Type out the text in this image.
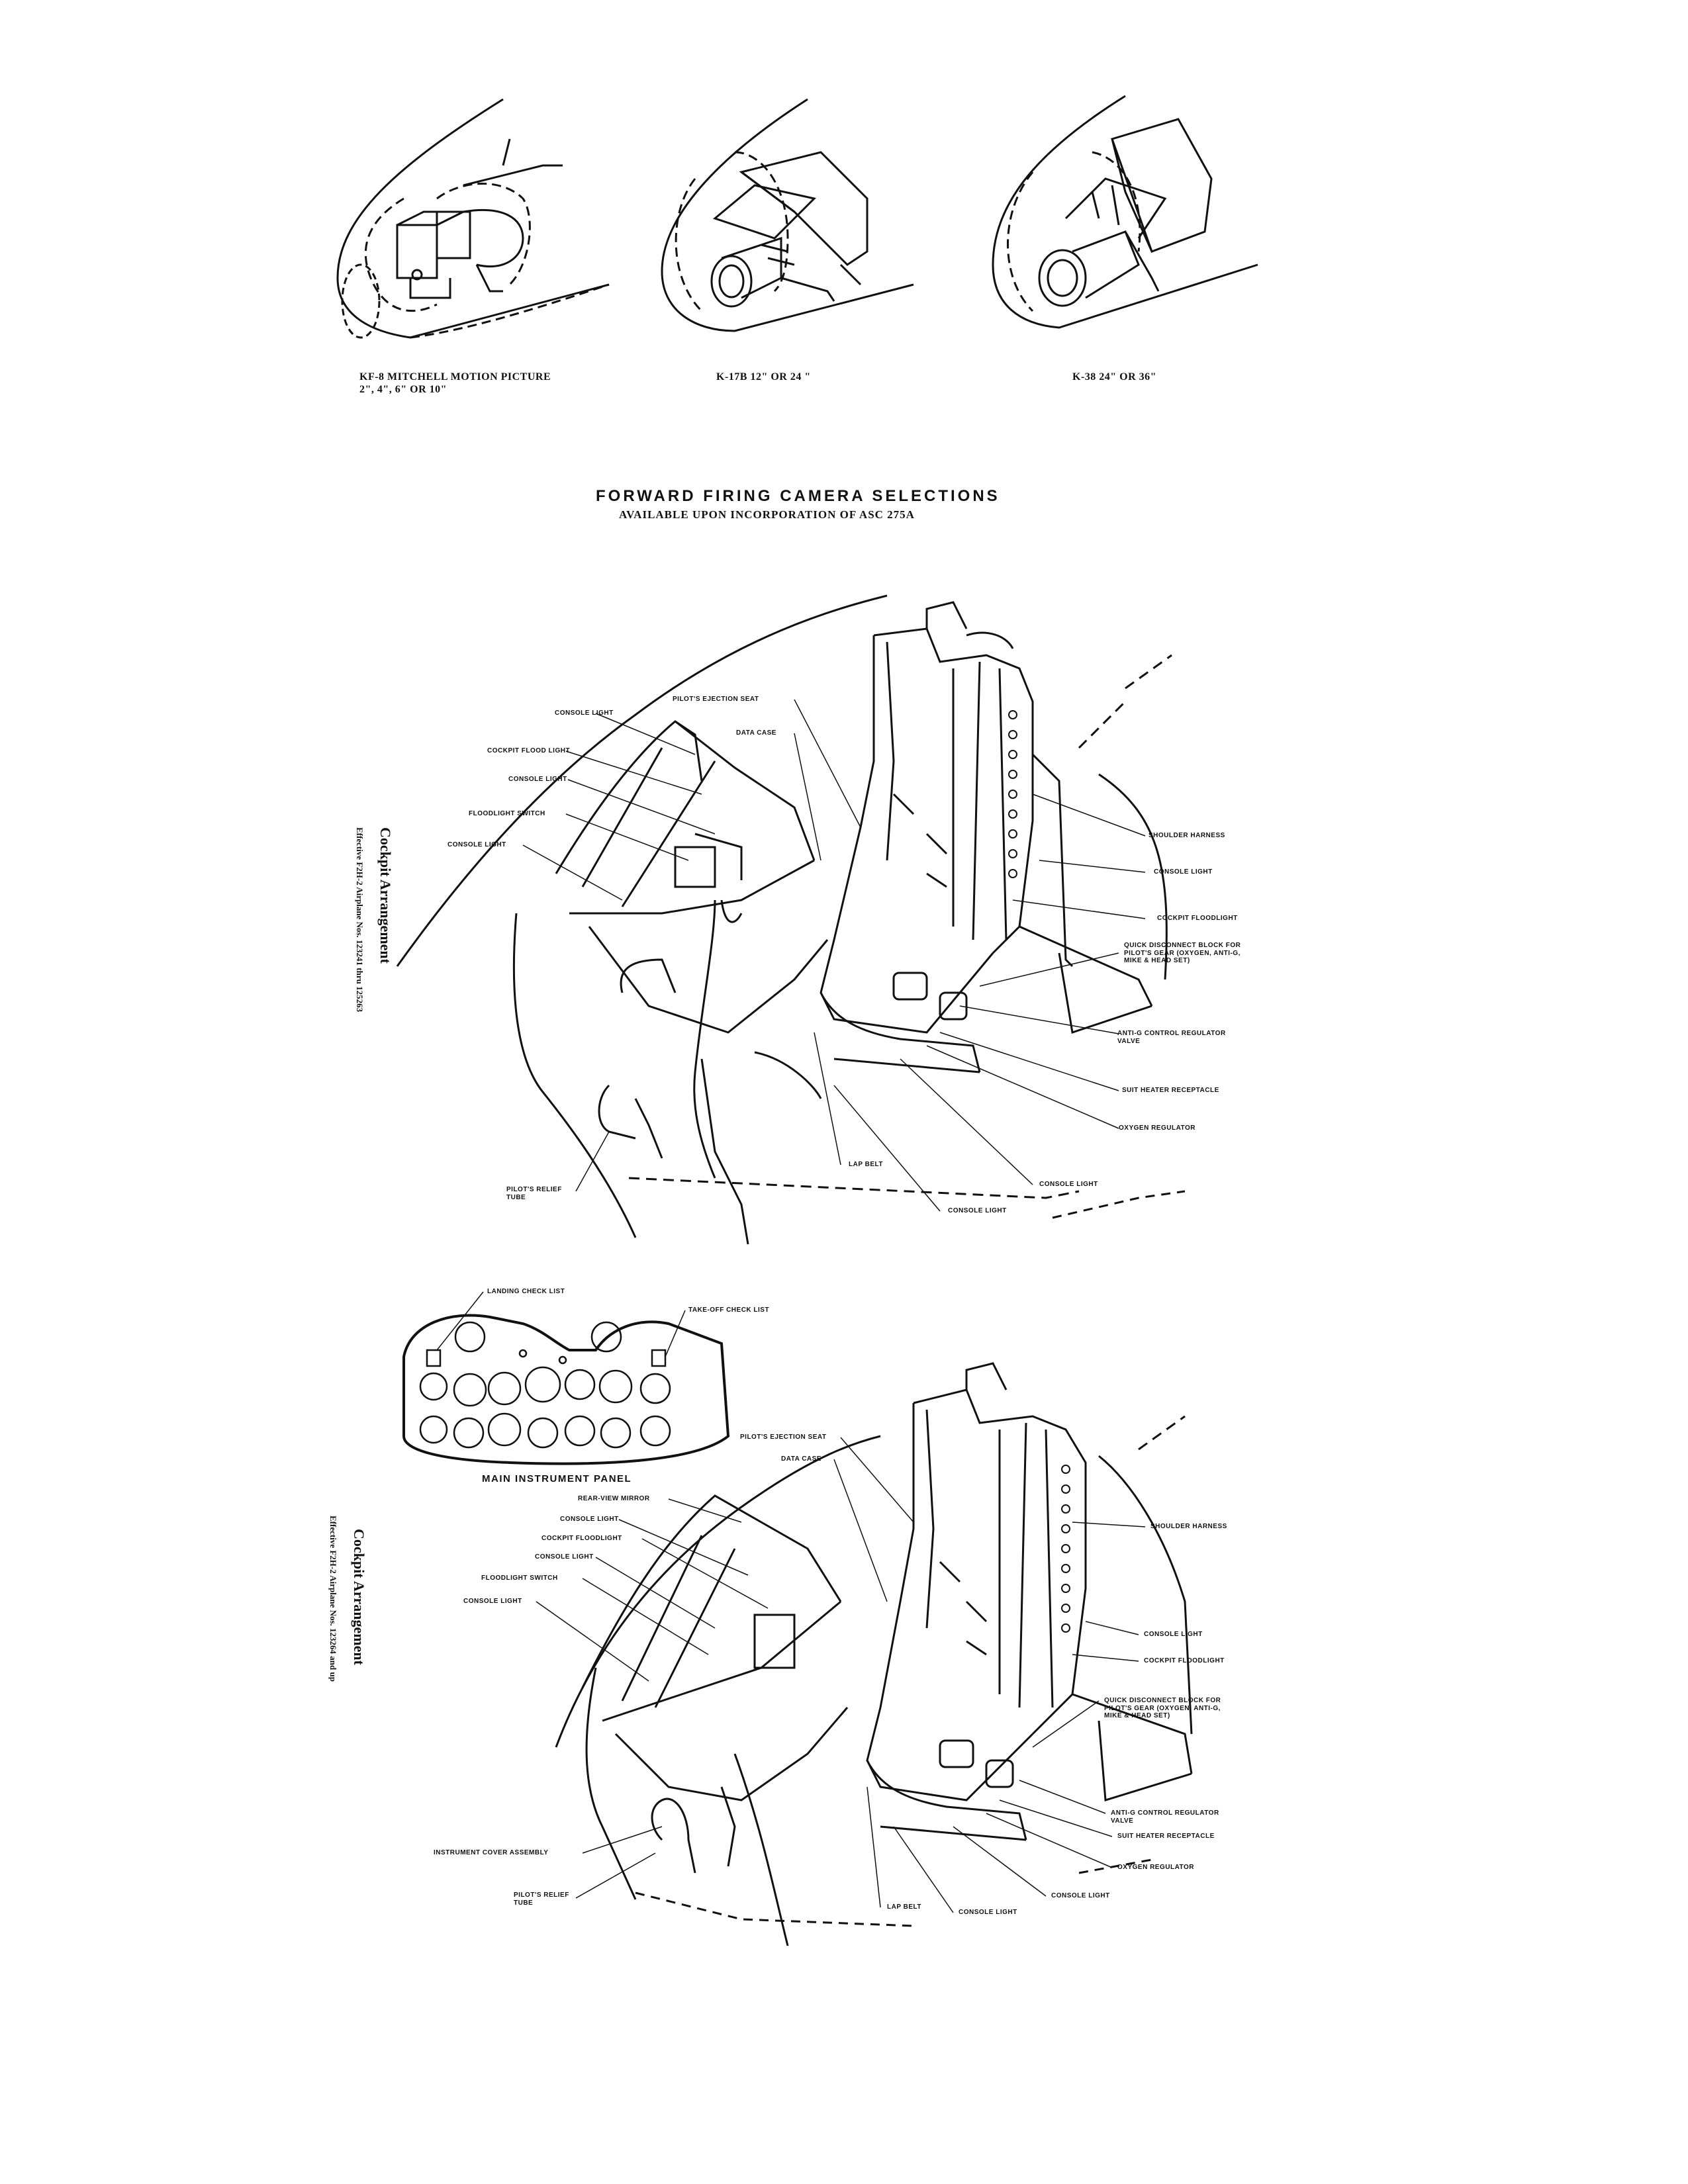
KF-8 MITCHELL MOTION PICTURE
2", 4", 6" OR 10"
K-17B 12" OR 24 "	K-38 24" OR 36"
FORWARD FIRING CAMERA SELECTIONS
AVAILABLE UPON INCORPORATION OF ASC 275A
Cockpit Arrangement
Effective F2H-2 Airplane Nos. 123241 thru 125263
CONSOLE LIGHT
COCKPIT FLOOD LIGHT
CONSOLE LIGHT
FLOODLIGHT SWITCH
CONSOLE LIGHT
PILOT'S EJECTION SEAT
DATA CASE
SHOULDER HARNESS
CONSOLE LIGHT
COCKPIT FLOODLIGHT
QUICK DISCONNECT BLOCK FOR
PILOT'S GEAR (OXYGEN, ANTI-G,
MIKE & HEAD SET)
ANTI-G CONTROL REGULATOR
VALVE
SUIT HEATER RECEPTACLE
OXYGEN REGULATOR
CONSOLE LIGHT
LAP BELT
CONSOLE LIGHT
PILOT'S RELIEF
TUBE
LANDING CHECK LIST
TAKE-OFF CHECK LIST
MAIN INSTRUMENT PANEL
Cockpit Arrangement
Effective F2H-2 Airplane Nos. 123264 and up
PILOT'S EJECTION SEAT
DATA CASE
REAR-VIEW MIRROR
CONSOLE LIGHT
COCKPIT FLOODLIGHT
CONSOLE LIGHT
FLOODLIGHT SWITCH
CONSOLE LIGHT
SHOULDER HARNESS
CONSOLE LIGHT
COCKPIT FLOODLIGHT
QUICK DISCONNECT BLOCK FOR
PILOT'S GEAR (OXYGEN, ANTI-G,
MIKE & HEAD SET)
ANTI-G CONTROL REGULATOR
VALVE
SUIT HEATER RECEPTACLE
OXYGEN REGULATOR
CONSOLE LIGHT
LAP BELT
CONSOLE LIGHT
INSTRUMENT COVER ASSEMBLY
PILOT'S RELIEF
TUBE
